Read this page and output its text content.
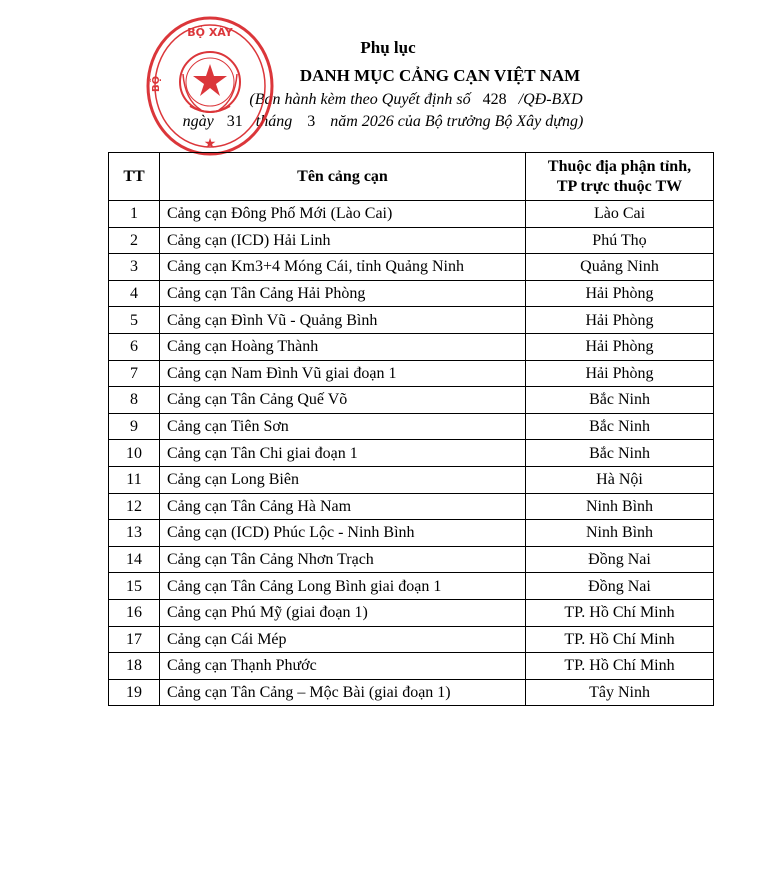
Phụ lục
DANH MỤC CẢNG CẠN VIỆT NAM
(Ban hành kèm theo Quyết định số 428 /QĐ-BXD
ngày 31 tháng 3 năm 2026 của Bộ trưởng Bộ Xây dựng)
BỘ XÂY
BỘ
★
TT	Tên cảng cạn	Thuộc địa phận tỉnh,
TP trực thuộc TW

1	Cảng cạn Đông Phố Mới (Lào Cai)	Lào Cai
2	Cảng cạn (ICD) Hải Linh	Phú Thọ
3	Cảng cạn Km3+4 Móng Cái, tỉnh Quảng Ninh	Quảng Ninh
4	Cảng cạn Tân Cảng Hải Phòng	Hải Phòng
5	Cảng cạn Đình Vũ - Quảng Bình	Hải Phòng
6	Cảng cạn Hoàng Thành	Hải Phòng
7	Cảng cạn Nam Đình Vũ giai đoạn 1	Hải Phòng
8	Cảng cạn Tân Cảng Quế Võ	Bắc Ninh
9	Cảng cạn Tiên Sơn	Bắc Ninh
10	Cảng cạn Tân Chi giai đoạn 1	Bắc Ninh
11	Cảng cạn Long Biên	Hà Nội
12	Cảng cạn Tân Cảng Hà Nam	Ninh Bình
13	Cảng cạn (ICD) Phúc Lộc - Ninh Bình	Ninh Bình
14	Cảng cạn Tân Cảng Nhơn Trạch	Đồng Nai
15	Cảng cạn Tân Cảng Long Bình giai đoạn 1	Đồng Nai
16	Cảng cạn Phú Mỹ (giai đoạn 1)	TP. Hồ Chí Minh
17	Cảng cạn Cái Mép	TP. Hồ Chí Minh
18	Cảng cạn Thạnh Phước	TP. Hồ Chí Minh
19	Cảng cạn Tân Cảng – Mộc Bài (giai đoạn 1)	Tây Ninh
